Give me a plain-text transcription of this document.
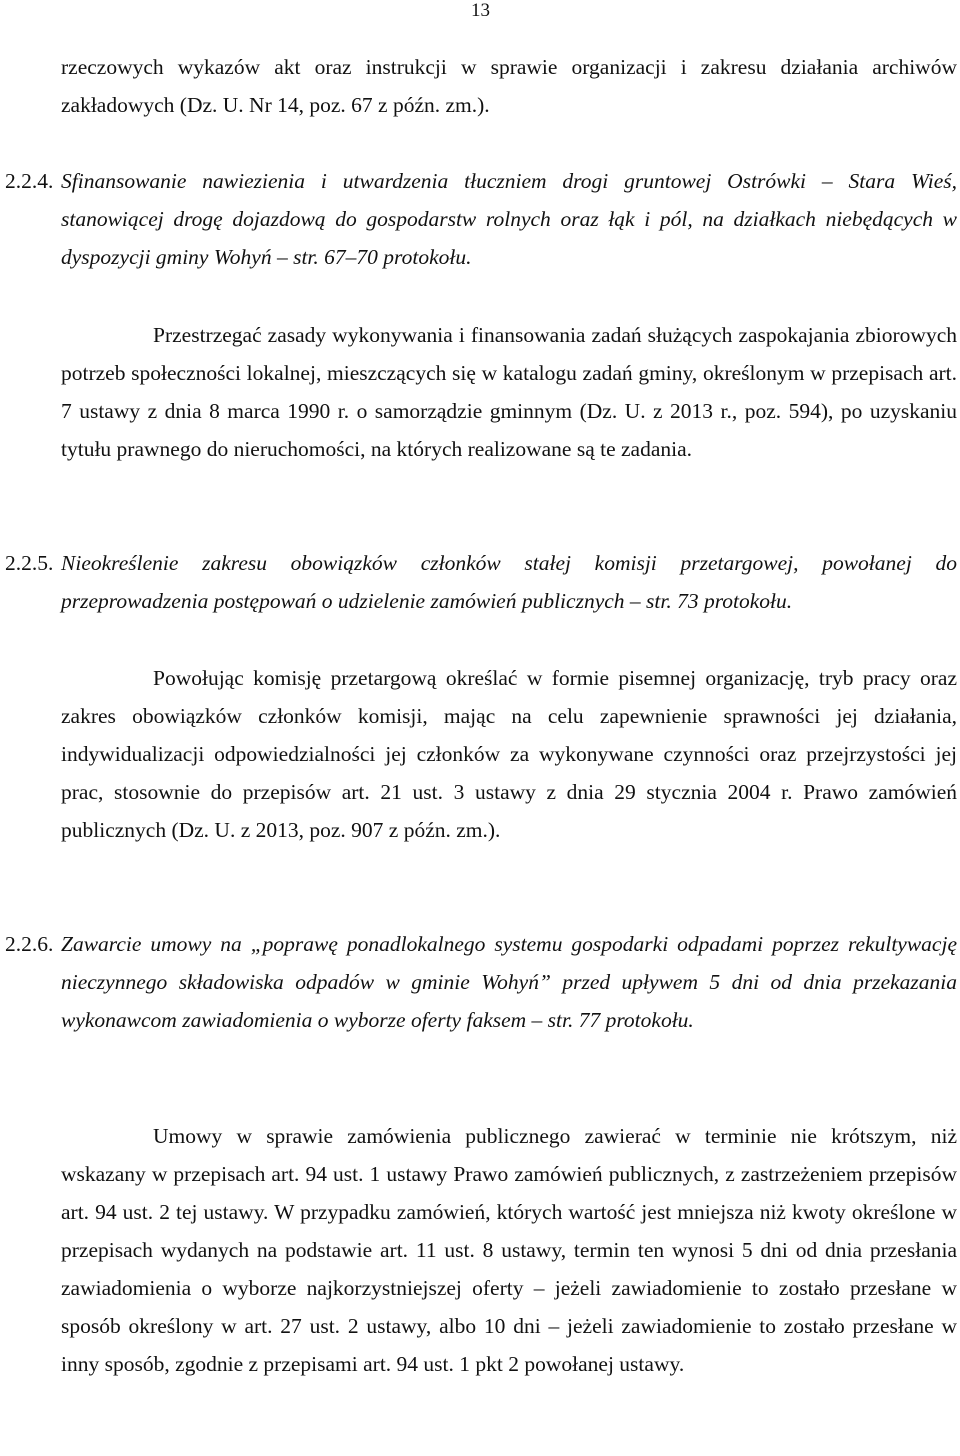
13
rzeczowych wykazów akt oraz instrukcji w sprawie organizacji i zakresu działania archiwów zakładowych (Dz. U. Nr 14, poz. 67 z późn. zm.).
2.2.4. Sfinansowanie nawiezienia i utwardzenia tłuczniem drogi gruntowej Ostrówki – Stara Wieś, stanowiącej drogę dojazdową do gospodarstw rolnych oraz łąk i pól, na działkach niebędących w dyspozycji gminy Wohyń – str. 67–70 protokołu.
Przestrzegać zasady wykonywania i finansowania zadań służących zaspokajania zbiorowych potrzeb społeczności lokalnej, mieszczących się w katalogu zadań gminy, określonym w przepisach art. 7 ustawy z dnia 8 marca 1990 r. o samorządzie gminnym (Dz. U. z 2013 r., poz. 594), po uzyskaniu tytułu prawnego do nieruchomości, na których realizowane są te zadania.
2.2.5. Nieokreślenie zakresu obowiązków członków stałej komisji przetargowej, powołanej do przeprowadzenia postępowań o udzielenie zamówień publicznych – str. 73 protokołu.
Powołując komisję przetargową określać w formie pisemnej organizację, tryb pracy oraz zakres obowiązków członków komisji, mając na celu zapewnienie sprawności jej działania, indywidualizacji odpowiedzialności jej członków za wykonywane czynności oraz przejrzystości jej prac, stosownie do przepisów art. 21 ust. 3 ustawy z dnia 29 stycznia 2004 r. Prawo zamówień publicznych (Dz. U. z 2013, poz. 907 z późn. zm.).
2.2.6. Zawarcie umowy na „poprawę ponadlokalnego systemu gospodarki odpadami poprzez rekultywację nieczynnego składowiska odpadów w gminie Wohyń” przed upływem 5 dni od dnia przekazania wykonawcom zawiadomienia o wyborze oferty faksem – str. 77 protokołu.
Umowy w sprawie zamówienia publicznego zawierać w terminie nie krótszym, niż wskazany w przepisach art. 94 ust. 1 ustawy Prawo zamówień publicznych, z zastrzeżeniem przepisów art. 94 ust. 2 tej ustawy. W przypadku zamówień, których wartość jest mniejsza niż kwoty określone w przepisach wydanych na podstawie art. 11 ust. 8 ustawy, termin ten wynosi 5 dni od dnia przesłania zawiadomienia o wyborze najkorzystniejszej oferty – jeżeli zawiadomienie to zostało przesłane w sposób określony w art. 27 ust. 2 ustawy, albo 10 dni – jeżeli zawiadomienie to zostało przesłane w inny sposób, zgodnie z przepisami art. 94 ust. 1 pkt 2 powołanej ustawy.
